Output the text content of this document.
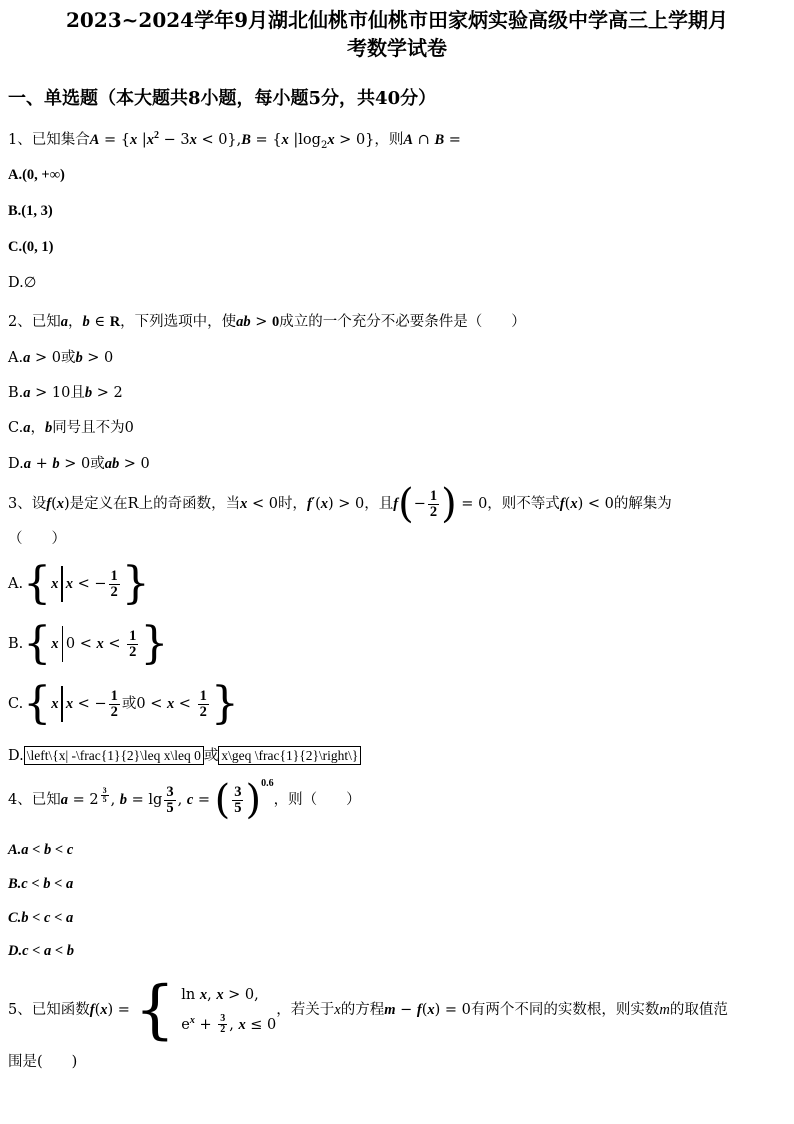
2023~2024学年9月湖北仙桃市仙桃市田家炳实验高级中学高三上学期月
考数学试卷
一、单选题（本大题共8小题，每小题5分，共40分）
1、已知集合A = {x $|x^2 - 3x < 0\},B = \{x$ $|\log_2x > 0$}，则A ∩ B =
A.(0, +∞)
B.(1, 3)
C.(0, 1)
D.∅
2、已知a，b ∈ R，下列选项中，使ab > 0成立的一个充分不必要条件是（　　）
A.a > 0或b > 0
B.a > 10且b > 2
C.a，b同号且不为0
D.a + b > 0或ab > 0
3、设f(x)是定义在R上的奇函数，当x < 0时，f′(x) > 0，且$f(- \frac{1}{2}$ ) = 0，则不等式f(x) < 0的解集为
（　　）
A.{x x < − $\frac{1}{2}$ }
B.{x $0 < x < \frac{1}{2}$ }
C.{x x < − $\frac{1}{2}$ 或$0 < x < \frac{1}{2}$ }
D. \left\{x| -\frac{1}{2}\leq x\leq 0 或 x\geq \frac{1}{2}\right\}
4、已知a = 2 $^{\frac{3}{5}}$ , $b = \lg \frac{3}{5}$ , c = ( $\frac{3}{5} )^{0.6}$，则（　　）
A.a < b < c
B.c < b < a
C.b < c < a
D.c < a < b
5、已知函数f(x) = { ln x, x > 0,
$e^x + \frac{3}{2}$ , x ≤ 0
，若关于x的方程m − f(x) = 0有两个不同的实数根，则实数m的取值范
围是(　　)
